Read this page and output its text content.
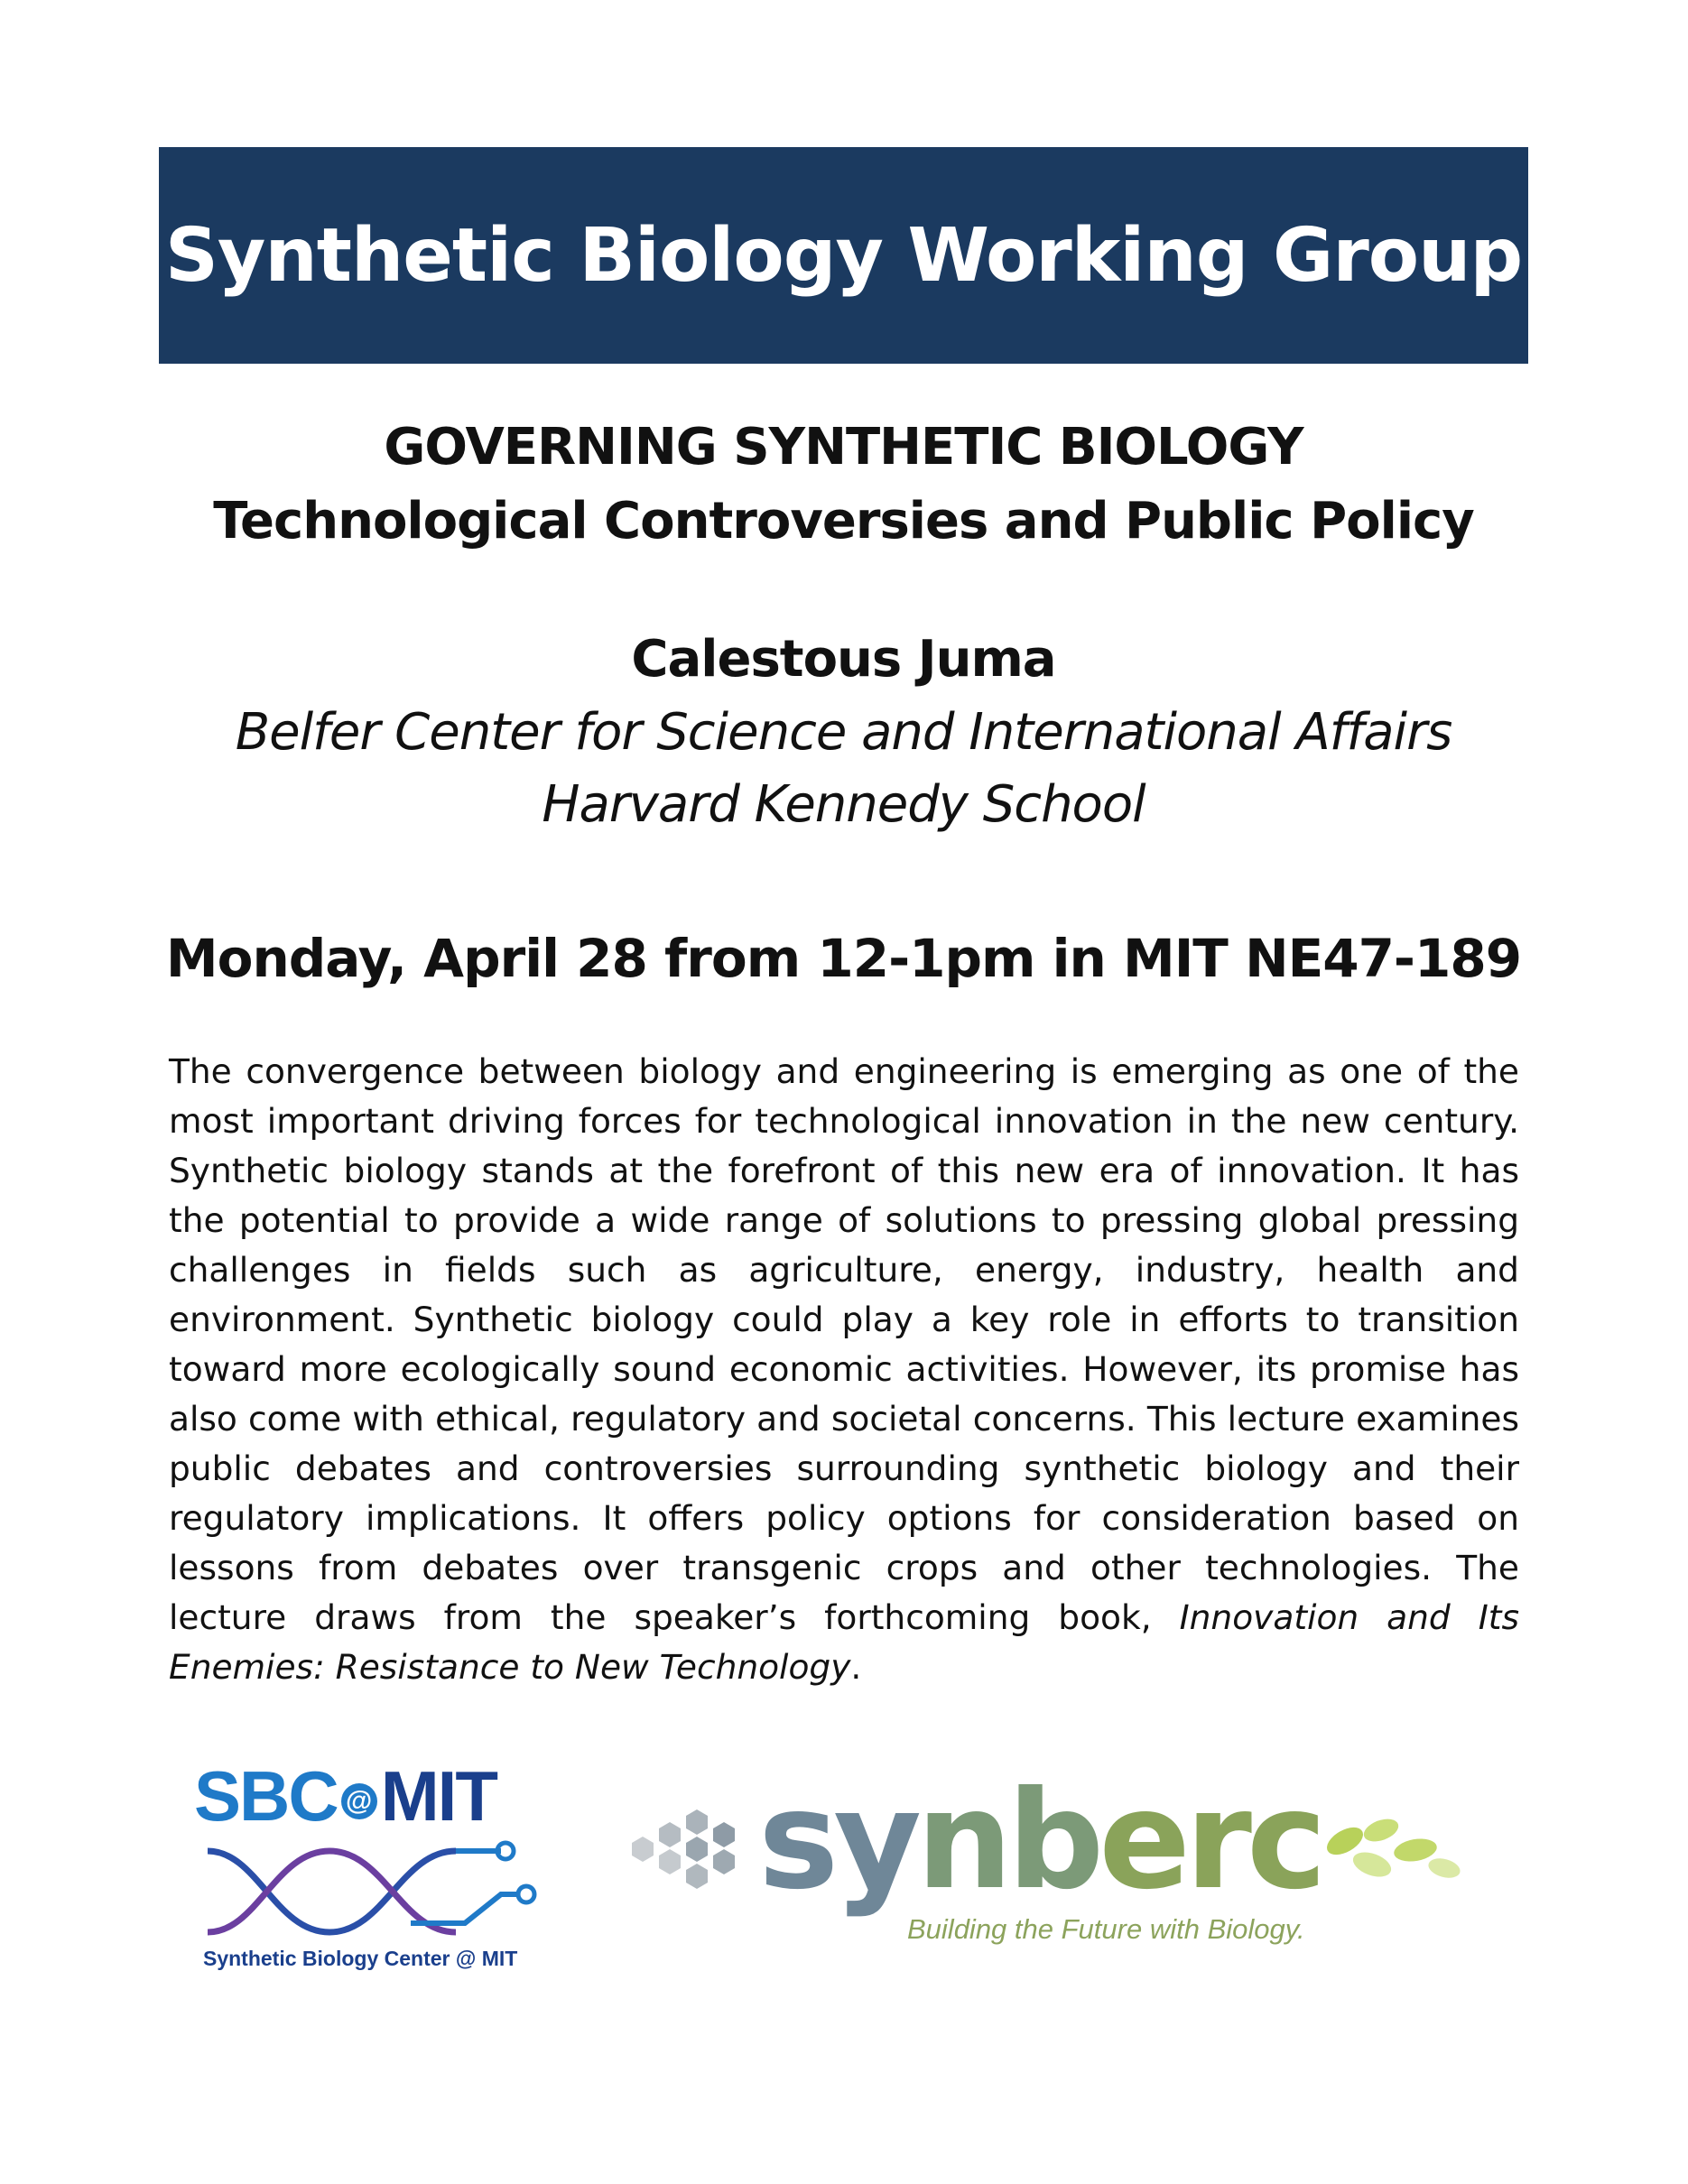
Synthetic Biology Working Group
GOVERNING SYNTHETIC BIOLOGY
Technological Controversies and Public Policy
Calestous Juma
Belfer Center for Science and International Affairs
Harvard Kennedy School
Monday, April 28 from 12-1pm in MIT NE47-189

The convergence between biology and engineering is emerging as one of the most important driving forces for technological innovation in the new century. Synthetic biology stands at the forefront of this new era of innovation. It has the potential to provide a wide range of solutions to pressing global pressing challenges in fields such as agriculture, energy, industry, health and environment. Synthetic biology could play a key role in efforts to transition toward more ecologically sound economic activities. However, its promise has also come with ethical, regulatory and societal concerns. This lecture examines public debates and controversies surrounding synthetic biology and their regulatory implications. It offers policy options for consideration based on lessons from debates over transgenic crops and other technologies. The lecture draws from the speaker’s forthcoming book, Innovation and Its Enemies: Resistance to New Technology.

SBC @ MIT
Synthetic Biology Center @ MIT
synberc
Building the Future with Biology.
